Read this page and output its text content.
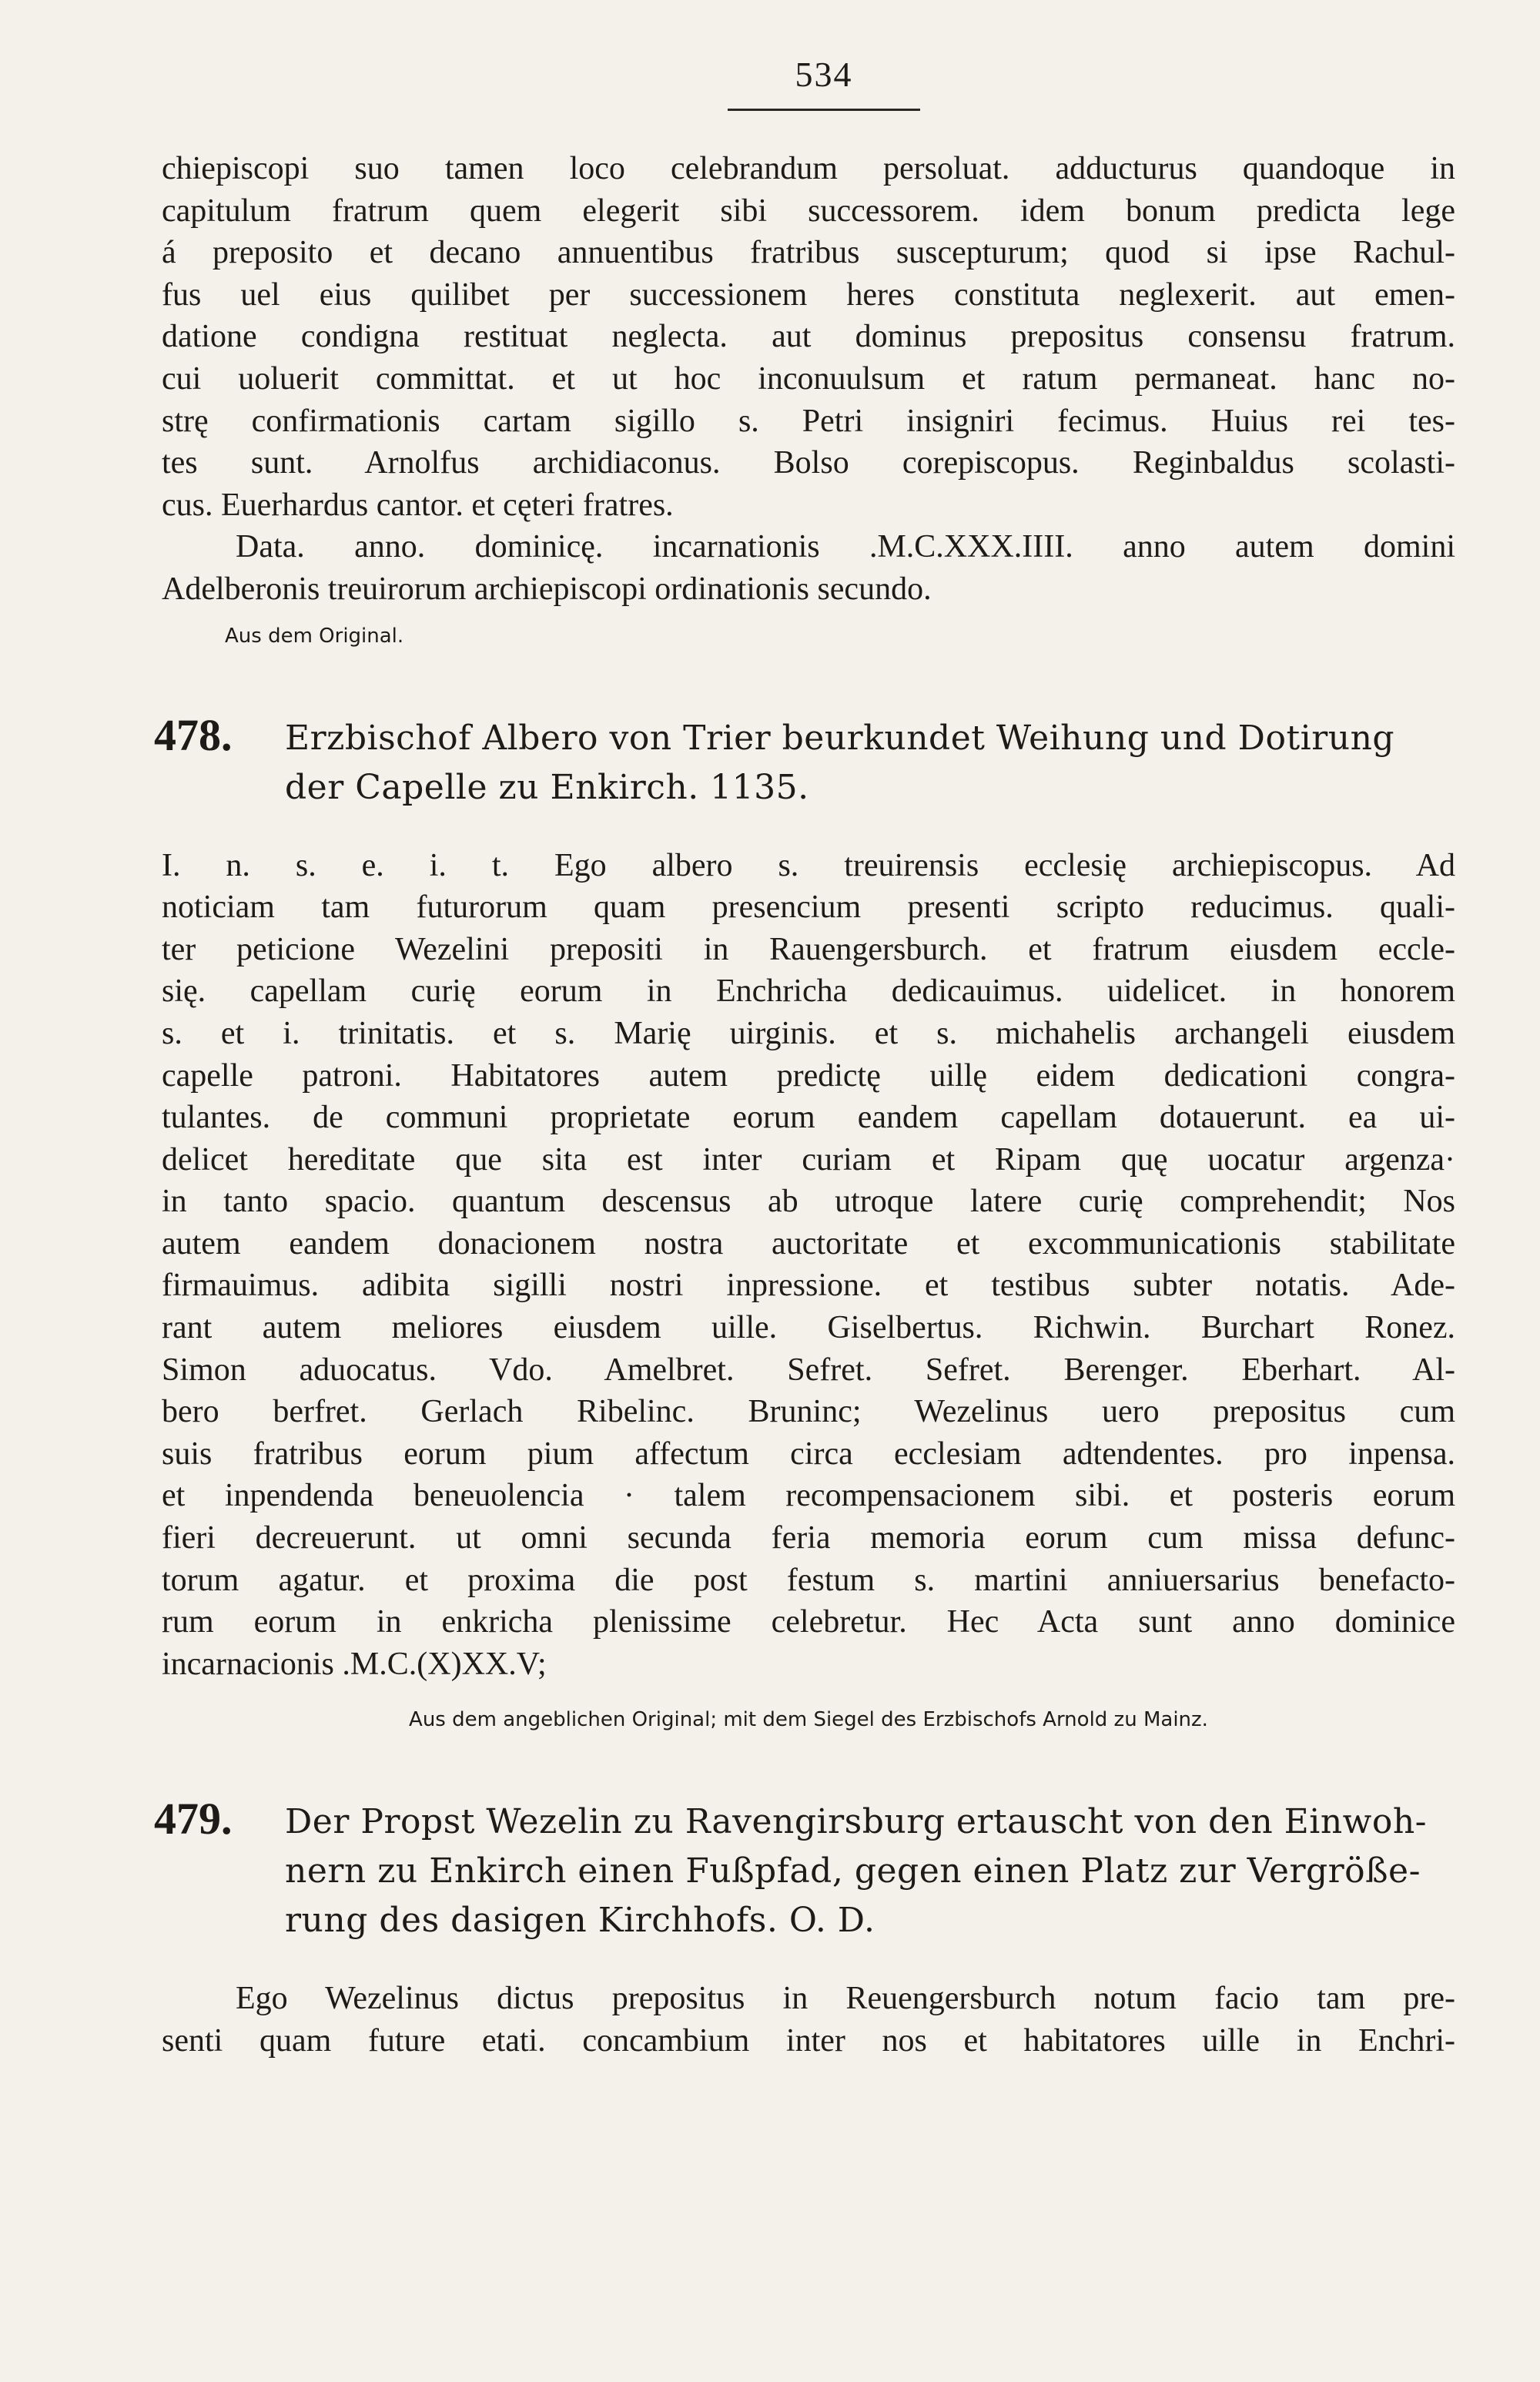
534
chiepiscopi suo tamen loco celebrandum persoluat. adducturus quandoque in
capitulum fratrum quem elegerit sibi successorem. idem bonum predicta lege
á preposito et decano annuentibus fratribus suscepturum; quod si ipse Rachul-
fus uel eius quilibet per successionem heres constituta neglexerit. aut emen-
datione condigna restituat neglecta. aut dominus prepositus consensu fratrum.
cui uoluerit committat. et ut hoc inconuulsum et ratum permaneat. hanc no-
strę confirmationis cartam sigillo s. Petri insigniri fecimus. Huius rei tes-
tes sunt. Arnolfus archidiaconus. Bolso corepiscopus. Reginbaldus scolasti-
cus. Euerhardus cantor. et cęteri fratres.
Data. anno. dominicę. incarnationis .M.C.XXX.IIII. anno autem domini
Adelberonis treuirorum archiepiscopi ordinationis secundo.
Aus dem Original.
478. Erzbischof Albero von Trier beurkundet Weihung und Dotirung
der Capelle zu Enkirch. 1135.
I. n. s. e. i. t. Ego albero s. treuirensis ecclesię archiepiscopus. Ad
noticiam tam futurorum quam presencium presenti scripto reducimus. quali-
ter peticione Wezelini prepositi in Rauengersburch. et fratrum eiusdem eccle-
się. capellam curię eorum in Enchricha dedicauimus. uidelicet. in honorem
s. et i. trinitatis. et s. Marię uirginis. et s. michahelis archangeli eiusdem
capelle patroni. Habitatores autem predictę uillę eidem dedicationi congra-
tulantes. de communi proprietate eorum eandem capellam dotauerunt. ea ui-
delicet hereditate que sita est inter curiam et Ripam quę uocatur argenza·
in tanto spacio. quantum descensus ab utroque latere curię comprehendit; Nos
autem eandem donacionem nostra auctoritate et excommunicationis stabilitate
firmauimus. adibita sigilli nostri inpressione. et testibus subter notatis. Ade-
rant autem meliores eiusdem uille. Giselbertus. Richwin. Burchart Ronez.
Simon aduocatus. Vdo. Amelbret. Sefret. Sefret. Berenger. Eberhart. Al-
bero berfret. Gerlach Ribelinc. Bruninc; Wezelinus uero prepositus cum
suis fratribus eorum pium affectum circa ecclesiam adtendentes. pro inpensa.
et inpendenda beneuolencia · talem recompensacionem sibi. et posteris eorum
fieri decreuerunt. ut omni secunda feria memoria eorum cum missa defunc-
torum agatur. et proxima die post festum s. martini anniuersarius benefacto-
rum eorum in enkricha plenissime celebretur. Hec Acta sunt anno dominice
incarnacionis .M.C.(X)XX.V;
Aus dem angeblichen Original; mit dem Siegel des Erzbischofs Arnold zu Mainz.
479. Der Propst Wezelin zu Ravengirsburg ertauscht von den Einwoh-
nern zu Enkirch einen Fußpfad, gegen einen Platz zur Vergröße-
rung des dasigen Kirchhofs. O. D.
Ego Wezelinus dictus prepositus in Reuengersburch notum facio tam pre-
senti quam future etati. concambium inter nos et habitatores uille in Enchri-
